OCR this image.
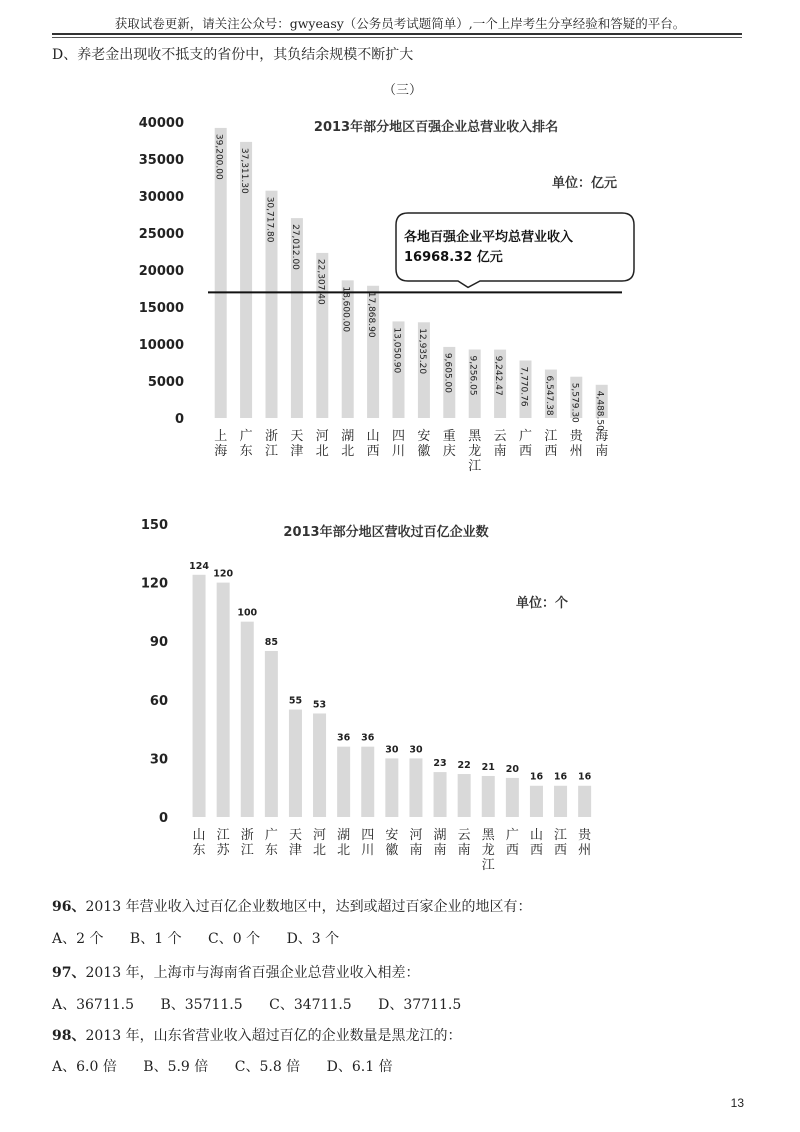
获取试卷更新，请关注公众号：gwyeasy（公务员考试题简单）,一个上岸考生分享经验和答疑的平台。
D、养老金出现收不抵支的省份中，其负结余规模不断扩大
（三）
2013年部分地区百强企业总营业收入排名
单位：亿元
0
5000
10000
15000
20000
25000
30000
35000
40000
39,200.00 37,311.30
30,717.80
27,012.00
22,307.40
18,600.00 17,868.90
13,050.90 12,935.20 9,605.00 9,256.05 9,242.47 7,770.76 6,547.38 5,579.30 4,488.50
上
海
广
东
浙
江
天
津
河
北
湖
北
山
西
四
川
安
徽
重
庆
黑
龙
江
云
南
广
西
江
西
贵
州
海
南
各地百强企业平均总营业收入
16968.32 亿元
2013年部分地区营收过百亿企业数
单位：个
0
30
60
90
120
150
124
120
100
85
55 53
36 36
30 30
23 22 21 20
16 16 16
山
东
江
苏
浙
江
广
东
天
津
河
北
湖
北
四
川
安
徽
河
南
湖
南
云
南
黑
龙
江
广
西
山
西
江
西
贵
州
96、2013 年营业收入过百亿企业数地区中，达到或超过百家企业的地区有：
A、2 个 B、1 个 C、0 个 D、3 个
97、2013 年，上海市与海南省百强企业总营业收入相差：
A、36711.5 B、35711.5 C、34711.5 D、37711.5
98、2013 年，山东省营业收入超过百亿的企业数量是黑龙江的：
A、6.0 倍 B、5.9 倍 C、5.8 倍 D、6.1 倍
13
